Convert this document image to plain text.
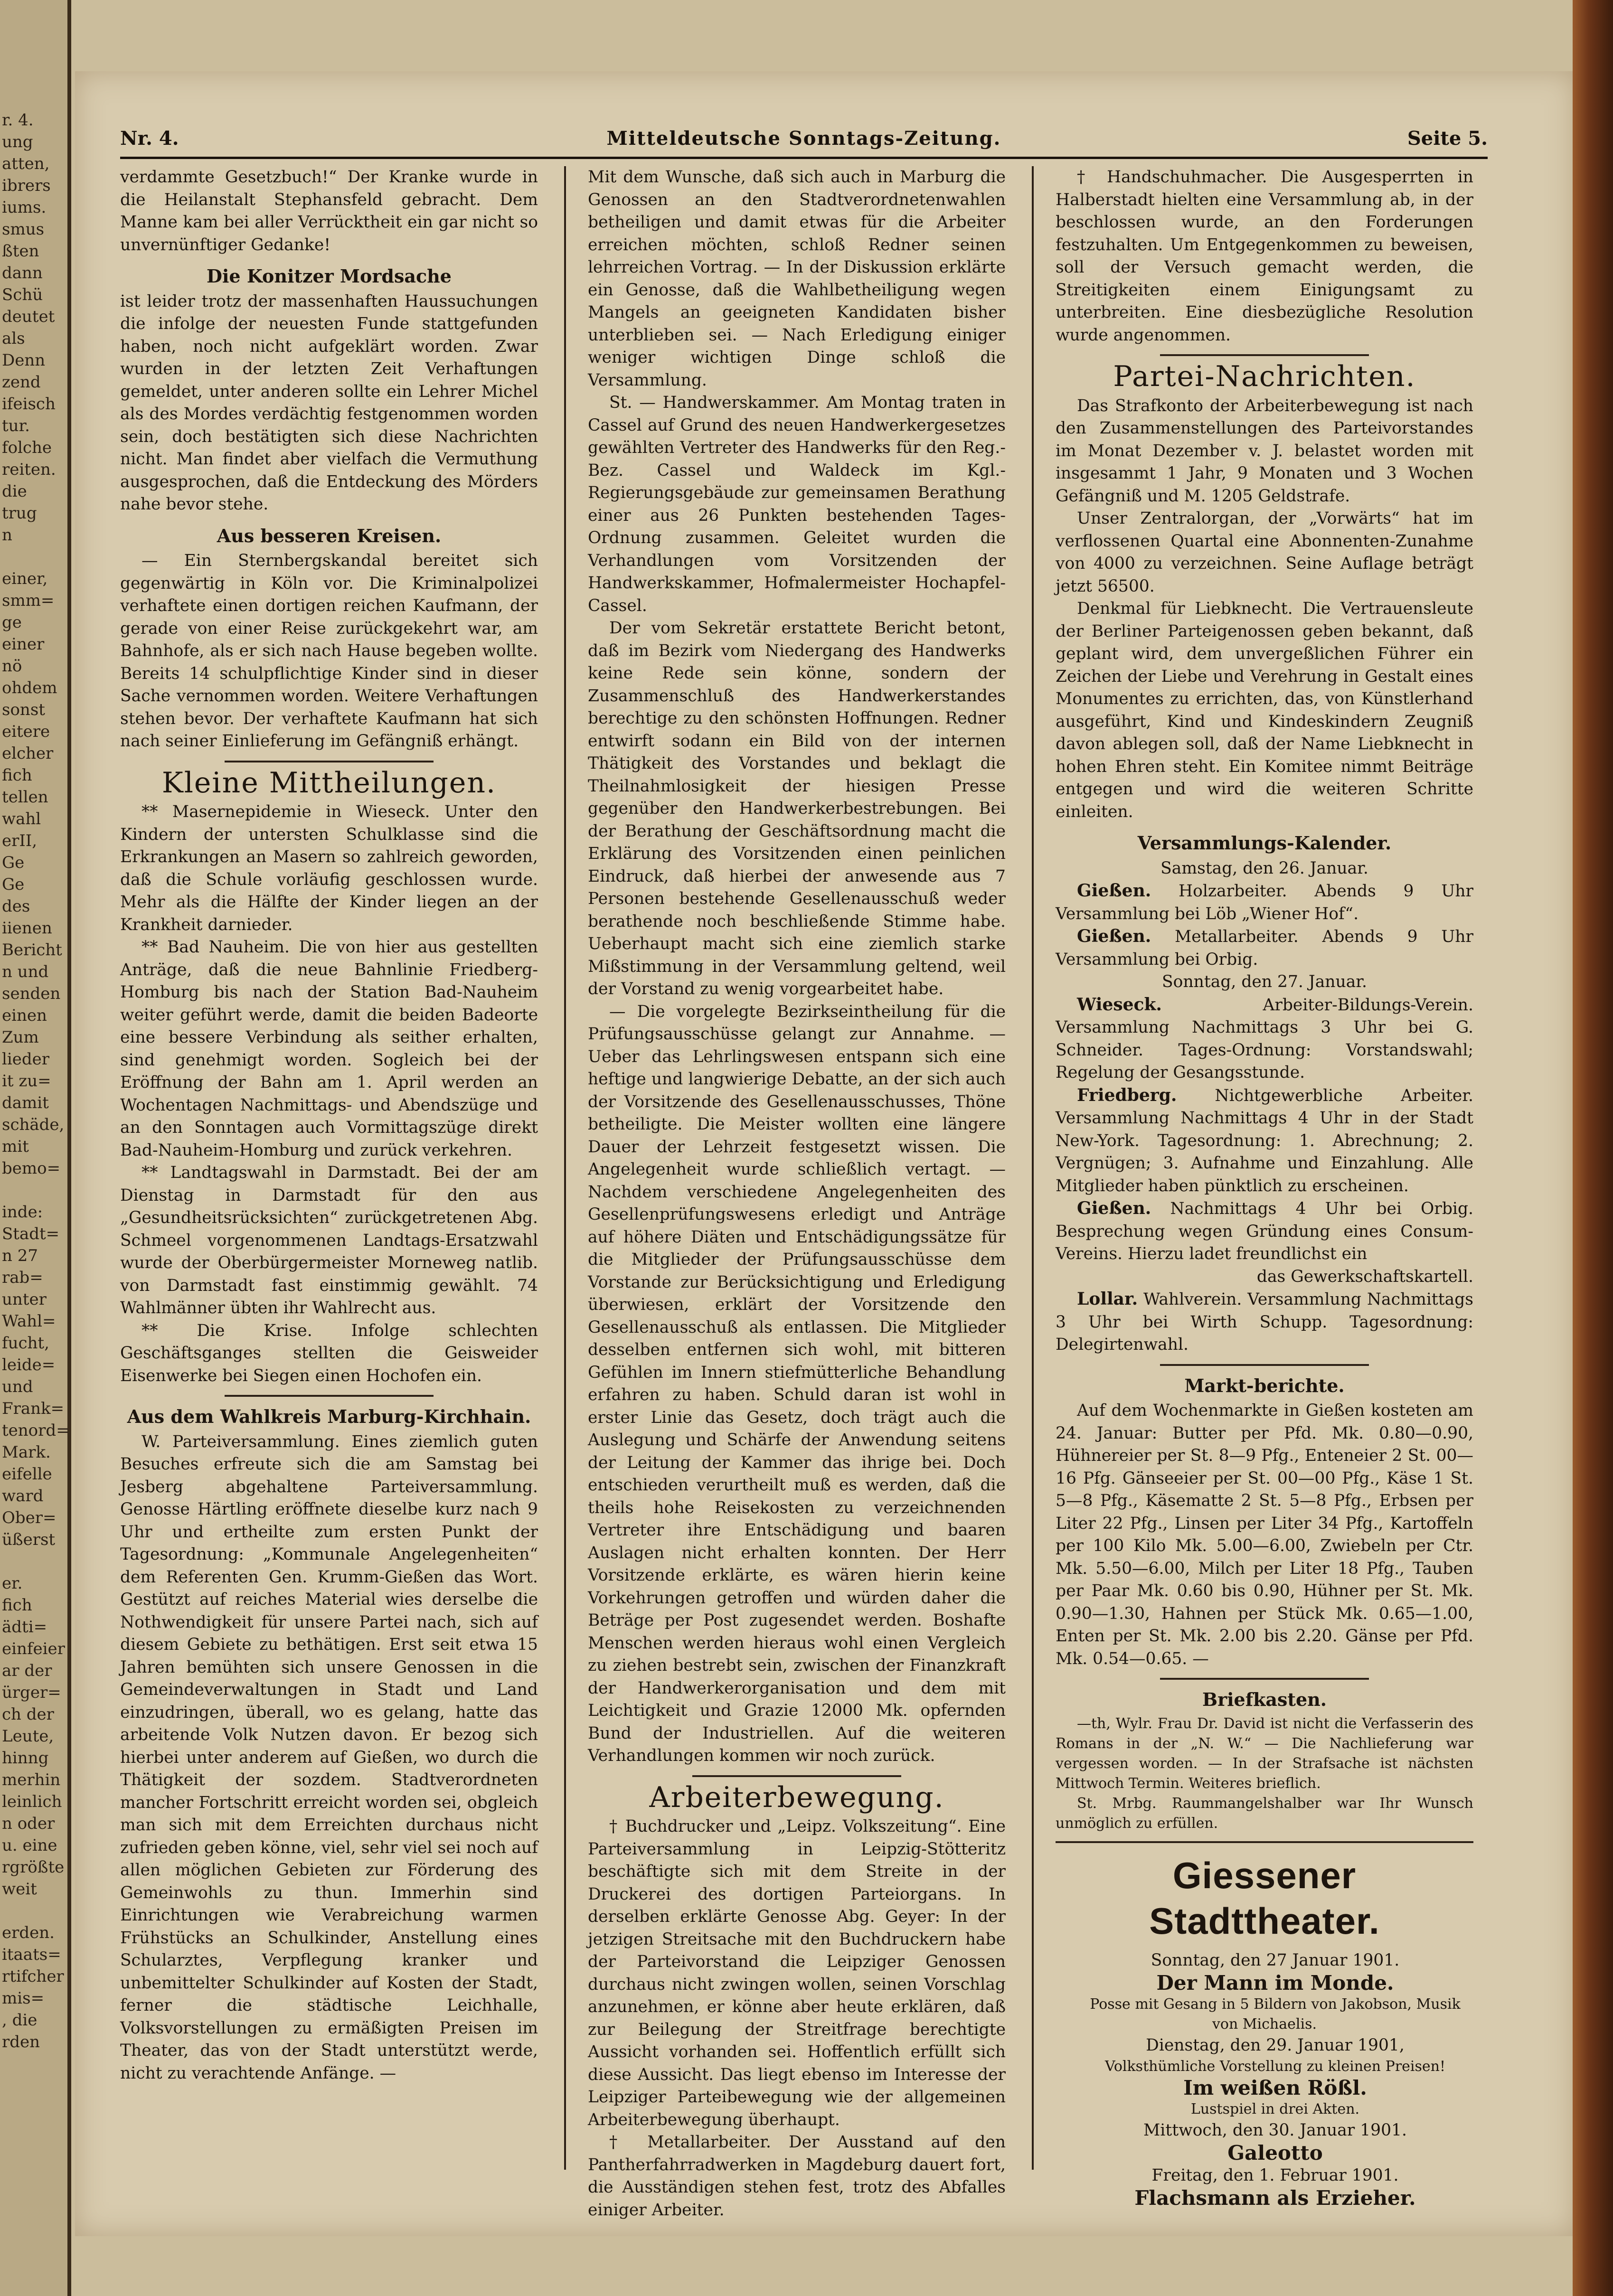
r. 4.
ung
atten,
ibrers
iums.
smus
ßten
dann
Schü
deutet
als
Denn
zend
ifeisch
tur.
folche
reiten.
die
trug
n
einer,
smm=
ge
einer
nö
ohdem
sonst
eitere
elcher
fich
tellen
wahl
erII,
Ge
Ge
des
iienen
Bericht
n und
senden
einen
Zum
lieder
it zu=
damit
schäde,
mit
bemo=
inde:
Stadt=
n 27
rab=
unter
Wahl=
fucht,
leide=
und
Frank=
tenord=
Mark.
eifelle
ward
Ober=
üßerst
er.
fich
ädti=
einfeier
ar der
ürger=
ch der
Leute,
hinng
merhin
leinlich
n oder
u. eine
rgrößte
weit
erden.
itaats=
rtifcher
mis=
, die
rden
Nr. 4.	Mitteldeutsche Sonntags-Zeitung.	Seite 5.

verdammte Gesetzbuch!“ Der Kranke wurde in die Heilanstalt Stephansfeld gebracht. Dem Manne kam bei aller Verrücktheit ein gar nicht so unvernünftiger Gedanke!

Die Konitzer Mordsache

ist leider trotz der massenhaften Haussuchungen die infolge der neuesten Funde stattgefunden haben, noch nicht aufgeklärt worden. Zwar wurden in der letzten Zeit Verhaftungen gemeldet, unter anderen sollte ein Lehrer Michel als des Mordes verdächtig festgenommen worden sein, doch bestätigten sich diese Nachrichten nicht. Man findet aber vielfach die Vermuthung ausgesprochen, daß die Entdeckung des Mörders nahe bevor stehe.

Aus besseren Kreisen.

— Ein Sternbergskandal bereitet sich gegenwärtig in Köln vor. Die Kriminalpolizei verhaftete einen dortigen reichen Kaufmann, der gerade von einer Reise zurückgekehrt war, am Bahnhofe, als er sich nach Hause begeben wollte. Bereits 14 schulpflichtige Kinder sind in dieser Sache vernommen worden. Weitere Verhaftungen stehen bevor. Der verhaftete Kaufmann hat sich nach seiner Einlieferung im Gefängniß erhängt.

Kleine Mittheilungen.

** Masernepidemie in Wieseck. Unter den Kindern der untersten Schulklasse sind die Erkrankungen an Masern so zahlreich geworden, daß die Schule vorläufig geschlossen wurde. Mehr als die Hälfte der Kinder liegen an der Krankheit darnieder.

** Bad Nauheim. Die von hier aus gestellten Anträge, daß die neue Bahnlinie Friedberg-Homburg bis nach der Station Bad-Nauheim weiter geführt werde, damit die beiden Badeorte eine bessere Verbindung als seither erhalten, sind genehmigt worden. Sogleich bei der Eröffnung der Bahn am 1. April werden an Wochentagen Nachmittags- und Abendszüge und an den Sonntagen auch Vormittagszüge direkt Bad-Nauheim-Homburg und zurück verkehren.

** Landtagswahl in Darmstadt. Bei der am Dienstag in Darmstadt für den aus „Gesundheitsrücksichten“ zurückgetretenen Abg. Schmeel vorgenommenen Landtags-Ersatzwahl wurde der Oberbürgermeister Morneweg natlib. von Darmstadt fast einstimmig gewählt. 74 Wahlmänner übten ihr Wahlrecht aus.

** Die Krise. Infolge schlechten Geschäftsganges stellten die Geisweider Eisenwerke bei Siegen einen Hochofen ein.

Aus dem Wahlkreis Marburg-Kirchhain.

W. Parteiversammlung. Eines ziemlich guten Besuches erfreute sich die am Samstag bei Jesberg abgehaltene Parteiversammlung. Genosse Härtling eröffnete dieselbe kurz nach 9 Uhr und ertheilte zum ersten Punkt der Tagesordnung: „Kommunale Angelegenheiten“ dem Referenten Gen. Krumm-Gießen das Wort. Gestützt auf reiches Material wies derselbe die Nothwendigkeit für unsere Partei nach, sich auf diesem Gebiete zu bethätigen. Erst seit etwa 15 Jahren bemühten sich unsere Genossen in die Gemeindeverwaltungen in Stadt und Land einzudringen, überall, wo es gelang, hatte das arbeitende Volk Nutzen davon. Er bezog sich hierbei unter anderem auf Gießen, wo durch die Thätigkeit der sozdem. Stadtverordneten mancher Fortschritt erreicht worden sei, obgleich man sich mit dem Erreichten durchaus nicht zufrieden geben könne, viel, sehr viel sei noch auf allen möglichen Gebieten zur Förderung des Gemeinwohls zu thun. Immerhin sind Einrichtungen wie Verabreichung warmen Frühstücks an Schulkinder, Anstellung eines Schularztes, Verpflegung kranker und unbemittelter Schulkinder auf Kosten der Stadt, ferner die städtische Leichhalle, Volksvorstellungen zu ermäßigten Preisen im Theater, das von der Stadt unterstützt werde, nicht zu verachtende Anfänge. —

Mit dem Wunsche, daß sich auch in Marburg die Genossen an den Stadtverordnetenwahlen betheiligen und damit etwas für die Arbeiter erreichen möchten, schloß Redner seinen lehrreichen Vortrag. — In der Diskussion erklärte ein Genosse, daß die Wahlbetheiligung wegen Mangels an geeigneten Kandidaten bisher unterblieben sei. — Nach Erledigung einiger weniger wichtigen Dinge schloß die Versammlung.

St. — Handwerskammer. Am Montag traten in Cassel auf Grund des neuen Handwerkergesetzes gewählten Vertreter des Handwerks für den Reg.-Bez. Cassel und Waldeck im Kgl.-Regierungsgebäude zur gemeinsamen Berathung einer aus 26 Punkten bestehenden Tages-Ordnung zusammen. Geleitet wurden die Verhandlungen vom Vorsitzenden der Handwerkskammer, Hofmalermeister Hochapfel-Cassel.

Der vom Sekretär erstattete Bericht betont, daß im Bezirk vom Niedergang des Handwerks keine Rede sein könne, sondern der Zusammenschluß des Handwerkerstandes berechtige zu den schönsten Hoffnungen. Redner entwirft sodann ein Bild von der internen Thätigkeit des Vorstandes und beklagt die Theilnahmlosigkeit der hiesigen Presse gegenüber den Handwerkerbestrebungen. Bei der Berathung der Geschäftsordnung macht die Erklärung des Vorsitzenden einen peinlichen Eindruck, daß hierbei der anwesende aus 7 Personen bestehende Gesellenausschuß weder berathende noch beschließende Stimme habe. Ueberhaupt macht sich eine ziemlich starke Mißstimmung in der Versammlung geltend, weil der Vorstand zu wenig vorgearbeitet habe.

— Die vorgelegte Bezirkseintheilung für die Prüfungsausschüsse gelangt zur Annahme. — Ueber das Lehrlingswesen entspann sich eine heftige und langwierige Debatte, an der sich auch der Vorsitzende des Gesellenausschusses, Thöne betheiligte. Die Meister wollten eine längere Dauer der Lehrzeit festgesetzt wissen. Die Angelegenheit wurde schließlich vertagt. — Nachdem verschiedene Angelegenheiten des Gesellenprüfungswesens erledigt und Anträge auf höhere Diäten und Entschädigungssätze für die Mitglieder der Prüfungsausschüsse dem Vorstande zur Berücksichtigung und Erledigung überwiesen, erklärt der Vorsitzende den Gesellenausschuß als entlassen. Die Mitglieder desselben entfernen sich wohl, mit bitteren Gefühlen im Innern stiefmütterliche Behandlung erfahren zu haben. Schuld daran ist wohl in erster Linie das Gesetz, doch trägt auch die Auslegung und Schärfe der Anwendung seitens der Leitung der Kammer das ihrige bei. Doch entschieden verurtheilt muß es werden, daß die theils hohe Reisekosten zu verzeichnenden Vertreter ihre Entschädigung und baaren Auslagen nicht erhalten konnten. Der Herr Vorsitzende erklärte, es wären hierin keine Vorkehrungen getroffen und würden daher die Beträge per Post zugesendet werden. Boshafte Menschen werden hieraus wohl einen Vergleich zu ziehen bestrebt sein, zwischen der Finanzkraft der Handwerkerorganisation und dem mit Leichtigkeit und Grazie 12000 Mk. opfernden Bund der Industriellen. Auf die weiteren Verhandlungen kommen wir noch zurück.

Arbeiterbewegung.

† Buchdrucker und „Leipz. Volkszeitung“. Eine Parteiversammlung in Leipzig-Stötteritz beschäftigte sich mit dem Streite in der Druckerei des dortigen Parteiorgans. In derselben erklärte Genosse Abg. Geyer: In der jetzigen Streitsache mit den Buchdruckern habe der Parteivorstand die Leipziger Genossen durchaus nicht zwingen wollen, seinen Vorschlag anzunehmen, er könne aber heute erklären, daß zur Beilegung der Streitfrage berechtigte Aussicht vorhanden sei. Hoffentlich erfüllt sich diese Aussicht. Das liegt ebenso im Interesse der Leipziger Parteibewegung wie der allgemeinen Arbeiterbewegung überhaupt.

† Metallarbeiter. Der Ausstand auf den Pantherfahrradwerken in Magdeburg dauert fort, die Ausständigen stehen fest, trotz des Abfalles einiger Arbeiter.

† Handschuhmacher. Die Ausgesperrten in Halberstadt hielten eine Versammlung ab, in der beschlossen wurde, an den Forderungen festzuhalten. Um Entgegenkommen zu beweisen, soll der Versuch gemacht werden, die Streitigkeiten einem Einigungsamt zu unterbreiten. Eine diesbezügliche Resolution wurde angenommen.

Partei-Nachrichten.

Das Strafkonto der Arbeiterbewegung ist nach den Zusammenstellungen des Parteivorstandes im Monat Dezember v. J. belastet worden mit insgesammt 1 Jahr, 9 Monaten und 3 Wochen Gefängniß und M. 1205 Geldstrafe.

Unser Zentralorgan, der „Vorwärts“ hat im verflossenen Quartal eine Abonnenten-Zunahme von 4000 zu verzeichnen. Seine Auflage beträgt jetzt 56500.

Denkmal für Liebknecht. Die Vertrauensleute der Berliner Parteigenossen geben bekannt, daß geplant wird, dem unvergeßlichen Führer ein Zeichen der Liebe und Verehrung in Gestalt eines Monumentes zu errichten, das, von Künstlerhand ausgeführt, Kind und Kindeskindern Zeugniß davon ablegen soll, daß der Name Liebknecht in hohen Ehren steht. Ein Komitee nimmt Beiträge entgegen und wird die weiteren Schritte einleiten.

Versammlungs-Kalender.

Samstag, den 26. Januar.

Gießen. Holzarbeiter. Abends 9 Uhr Versammlung bei Löb „Wiener Hof“.

Gießen. Metallarbeiter. Abends 9 Uhr Versammlung bei Orbig.

Sonntag, den 27. Januar.

Wieseck.	Arbeiter-Bildungs-Verein. Versammlung Nachmittags 3 Uhr bei G. Schneider. Tages-Ordnung: Vorstandswahl; Regelung der Gesangsstunde.

Friedberg. Nichtgewerbliche Arbeiter. Versammlung Nachmittags 4 Uhr in der Stadt New-York. Tagesordnung: 1. Abrechnung; 2. Vergnügen; 3. Aufnahme und Einzahlung. Alle Mitglieder haben pünktlich zu erscheinen.

Gießen. Nachmittags 4 Uhr bei Orbig. Besprechung wegen Gründung eines Consum-Vereins. Hierzu ladet freundlichst ein

das Gewerkschaftskartell.

Lollar. Wahlverein. Versammlung Nachmittags 3 Uhr bei Wirth Schupp. Tagesordnung: Delegirtenwahl.

Markt-berichte.

Auf dem Wochenmarkte in Gießen kosteten am 24. Januar: Butter per Pfd. Mk. 0.80—0.90, Hühnereier per St. 8—9 Pfg., Enteneier 2 St. 00—16 Pfg. Gänseeier per St. 00—00 Pfg., Käse 1 St. 5—8 Pfg., Käsematte 2 St. 5—8 Pfg., Erbsen per Liter 22 Pfg., Linsen per Liter 34 Pfg., Kartoffeln per 100 Kilo Mk. 5.00—6.00, Zwiebeln per Ctr. Mk. 5.50—6.00, Milch per Liter 18 Pfg., Tauben per Paar Mk. 0.60 bis 0.90, Hühner per St. Mk. 0.90—1.30, Hahnen per Stück Mk. 0.65—1.00, Enten per St. Mk. 2.00 bis 2.20. Gänse per Pfd. Mk. 0.54—0.65. —

Briefkasten.

—th, Wylr. Frau Dr. David ist nicht die Verfasserin des Romans in der „N. W.“ — Die Nachlieferung war vergessen worden. — In der Strafsache ist nächsten Mittwoch Termin. Weiteres brieflich.

St. Mrbg. Raummangelshalber war Ihr Wunsch unmöglich zu erfüllen.

Giessener Stadttheater.

Sonntag, den 27 Januar 1901.

Der Mann im Monde.

Posse mit Gesang in 5 Bildern von Jakobson, Musik von Michaelis.

Dienstag, den 29. Januar 1901,

Volksthümliche Vorstellung zu kleinen Preisen!

Im weißen Rößl.

Lustspiel in drei Akten.

Mittwoch, den 30. Januar 1901.

Galeotto

Freitag, den 1. Februar 1901.

Flachsmann als Erzieher.
